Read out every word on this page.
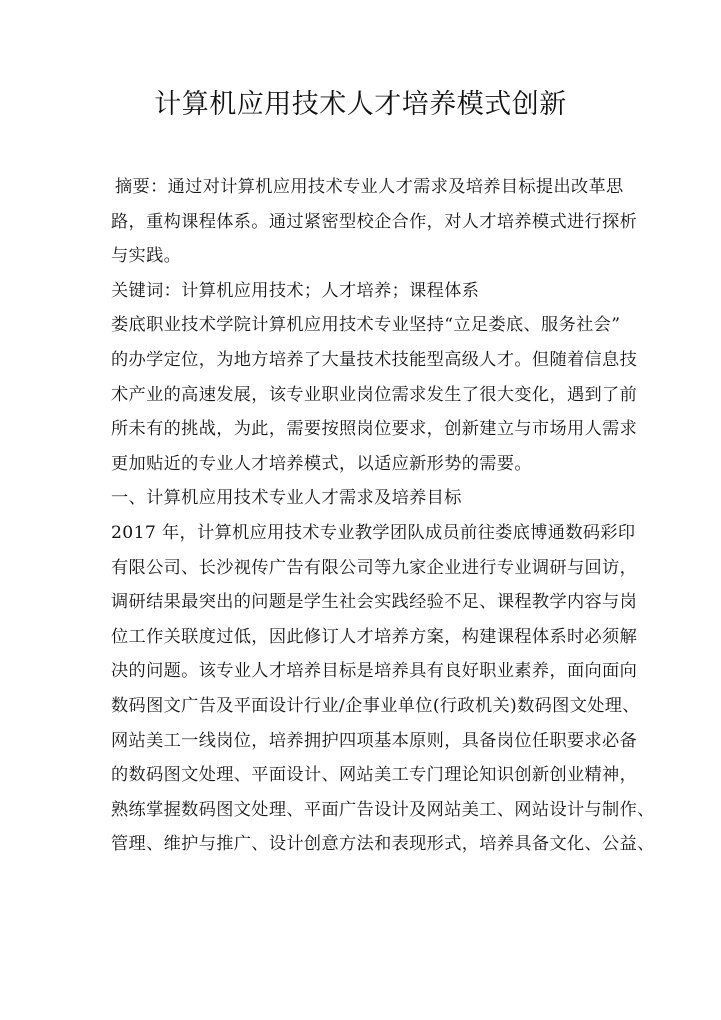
计算机应用技术人才培养模式创新
摘要：通过对计算机应用技术专业人才需求及培养目标提出改革思
路，重构课程体系。通过紧密型校企合作，对人才培养模式进行探析
与实践。
关键词：计算机应用技术；人才培养；课程体系
娄底职业技术学院计算机应用技术专业坚持“立足娄底、服务社会”
的办学定位，为地方培养了大量技术技能型高级人才。但随着信息技
术产业的高速发展，该专业职业岗位需求发生了很大变化，遇到了前
所未有的挑战，为此，需要按照岗位要求，创新建立与市场用人需求
更加贴近的专业人才培养模式，以适应新形势的需要。
一、计算机应用技术专业人才需求及培养目标
2017 年，计算机应用技术专业教学团队成员前往娄底博通数码彩印
有限公司、长沙视传广告有限公司等九家企业进行专业调研与回访，
调研结果最突出的问题是学生社会实践经验不足、课程教学内容与岗
位工作关联度过低，因此修订人才培养方案，构建课程体系时必须解
决的问题。该专业人才培养目标是培养具有良好职业素养，面向面向
数码图文广告及平面设计行业/企事业单位(行政机关)数码图文处理、
网站美工一线岗位，培养拥护四项基本原则，具备岗位任职要求必备
的数码图文处理、平面设计、网站美工专门理论知识创新创业精神，
熟练掌握数码图文处理、平面广告设计及网站美工、网站设计与制作、
管理、维护与推广、设计创意方法和表现形式，培养具备文化、公益、
